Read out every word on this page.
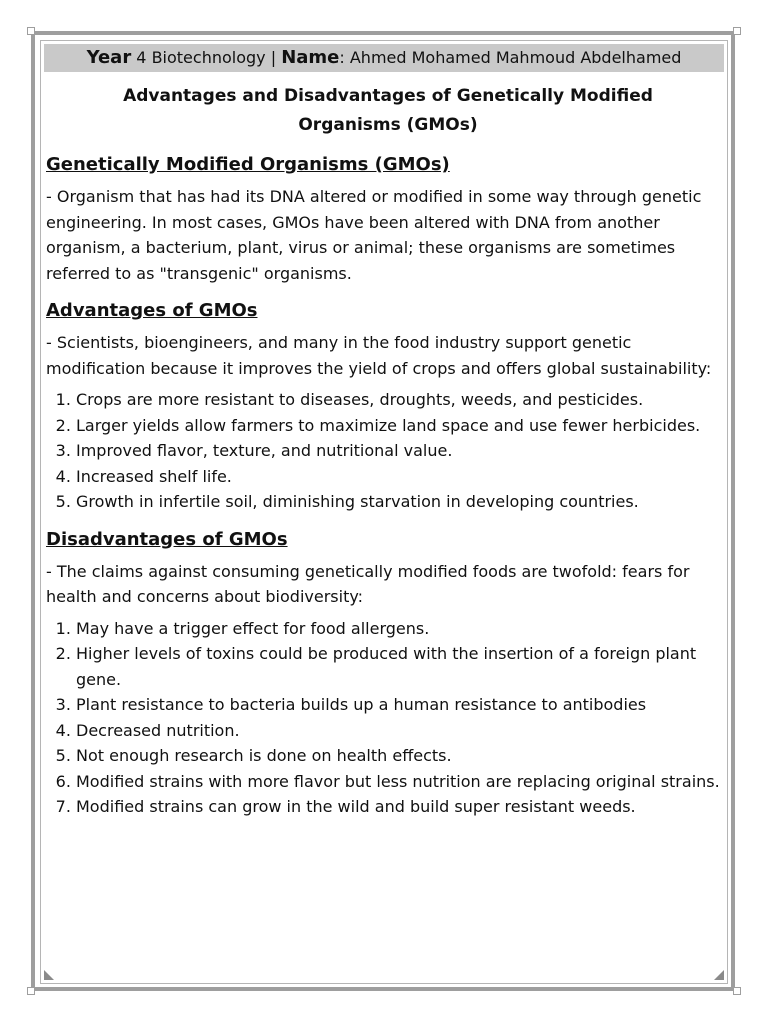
Year 4 Biotechnology | Name: Ahmed Mohamed Mahmoud Abdelhamed
Advantages and Disadvantages of Genetically Modified Organisms (GMOs)
Genetically Modified Organisms (GMOs)

- Organism that has had its DNA altered or modified in some way through genetic engineering. In most cases, GMOs have been altered with DNA from another organism, a bacterium, plant, virus or animal; these organisms are sometimes referred to as "transgenic" organisms.

Advantages of GMOs

- Scientists, bioengineers, and many in the food industry support genetic modification because it improves the yield of crops and offers global sustainability:

1. Crops are more resistant to diseases, droughts, weeds, and pesticides.
2. Larger yields allow farmers to maximize land space and use fewer herbicides.
3. Improved flavor, texture, and nutritional value.
4. Increased shelf life.
5. Growth in infertile soil, diminishing starvation in developing countries.
Disadvantages of GMOs

- The claims against consuming genetically modified foods are twofold: fears for health and concerns about biodiversity:

1. May have a trigger effect for food allergens.
2. Higher levels of toxins could be produced with the insertion of a foreign plant gene.
3. Plant resistance to bacteria builds up a human resistance to antibodies
4. Decreased nutrition.
5. Not enough research is done on health effects.
6. Modified strains with more flavor but less nutrition are replacing original strains.
7. Modified strains can grow in the wild and build super resistant weeds.
